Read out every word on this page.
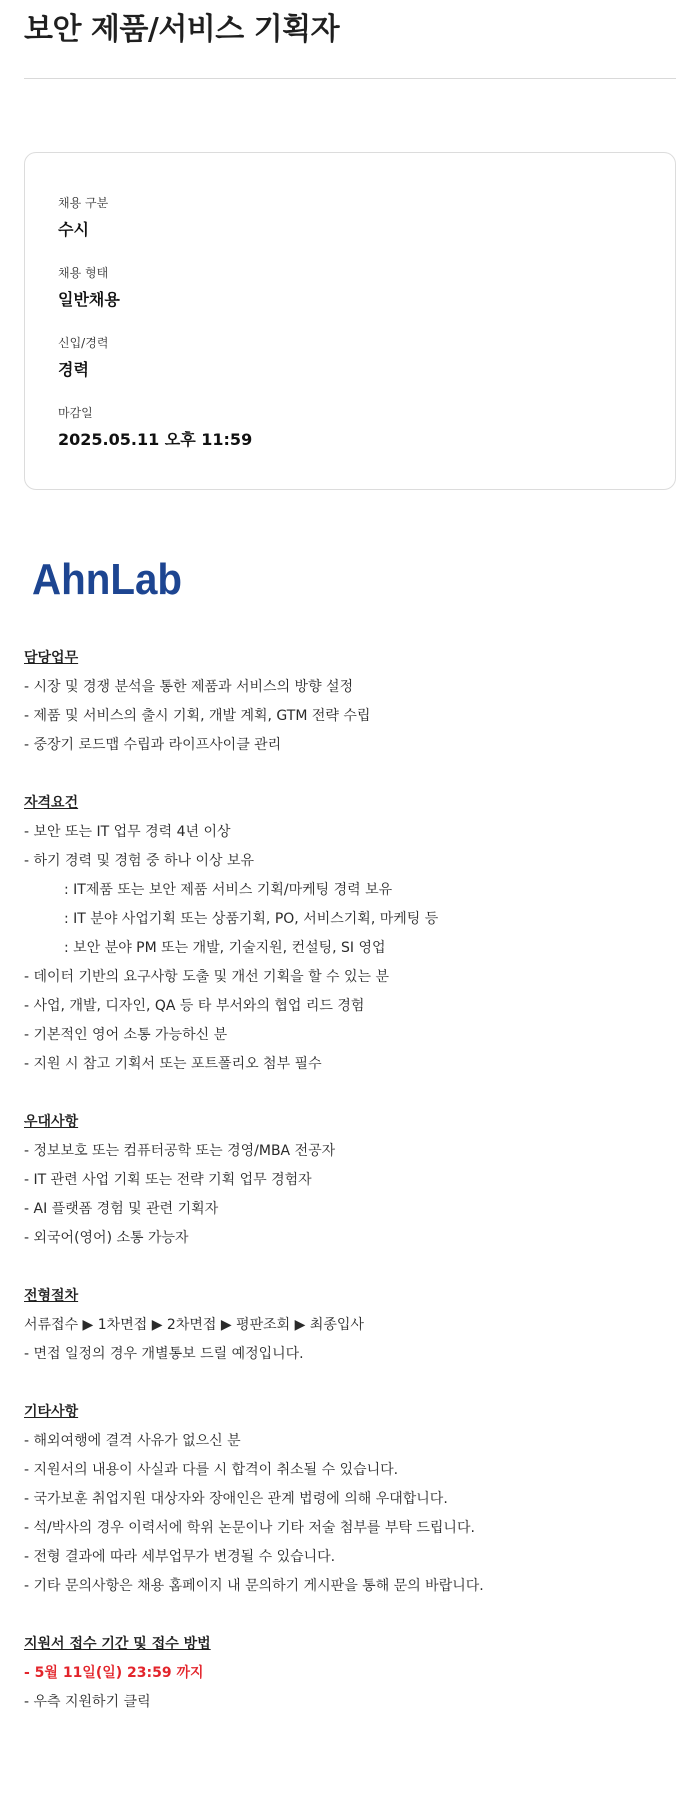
보안 제품/서비스 기획자
채용 구분
수시
채용 형태
일반채용
신입/경력
경력
마감일
2025.05.11 오후 11:59
AhnLab
담당업무
- 시장 및 경쟁 분석을 통한 제품과 서비스의 방향 설정
- 제품 및 서비스의 출시 기획, 개발 계획, GTM 전략 수립
- 중장기 로드맵 수립과 라이프사이클 관리
자격요건
- 보안 또는 IT 업무 경력 4년 이상
- 하기 경력 및 경험 중 하나 이상 보유
: IT제품 또는 보안 제품 서비스 기획/마케팅 경력 보유
: IT 분야 사업기획 또는 상품기획, PO, 서비스기획, 마케팅 등
: 보안 분야 PM 또는 개발, 기술지원, 컨설팅, SI 영업
- 데이터 기반의 요구사항 도출 및 개선 기획을 할 수 있는 분
- 사업, 개발, 디자인, QA 등 타 부서와의 협업 리드 경험
- 기본적인 영어 소통 가능하신 분
- 지원 시 참고 기획서 또는 포트폴리오 첨부 필수
우대사항
- 정보보호 또는 컴퓨터공학 또는 경영/MBA 전공자
- IT 관련 사업 기획 또는 전략 기획 업무 경험자
- AI 플랫폼 경험 및 관련 기획자
- 외국어(영어) 소통 가능자
전형절차
서류접수 ▶ 1차면접 ▶ 2차면접 ▶ 평판조회 ▶ 최종입사
- 면접 일정의 경우 개별통보 드릴 예정입니다.
기타사항
- 해외여행에 결격 사유가 없으신 분
- 지원서의 내용이 사실과 다를 시 합격이 취소될 수 있습니다.
- 국가보훈 취업지원 대상자와 장애인은 관계 법령에 의해 우대합니다.
- 석/박사의 경우 이력서에 학위 논문이나 기타 저술 첨부를 부탁 드립니다.
- 전형 결과에 따라 세부업무가 변경될 수 있습니다.
- 기타 문의사항은 채용 홈페이지 내 문의하기 게시판을 통해 문의 바랍니다.
지원서 접수 기간 및 접수 방법
- 5월 11일(일) 23:59 까지
- 우측 지원하기 클릭
